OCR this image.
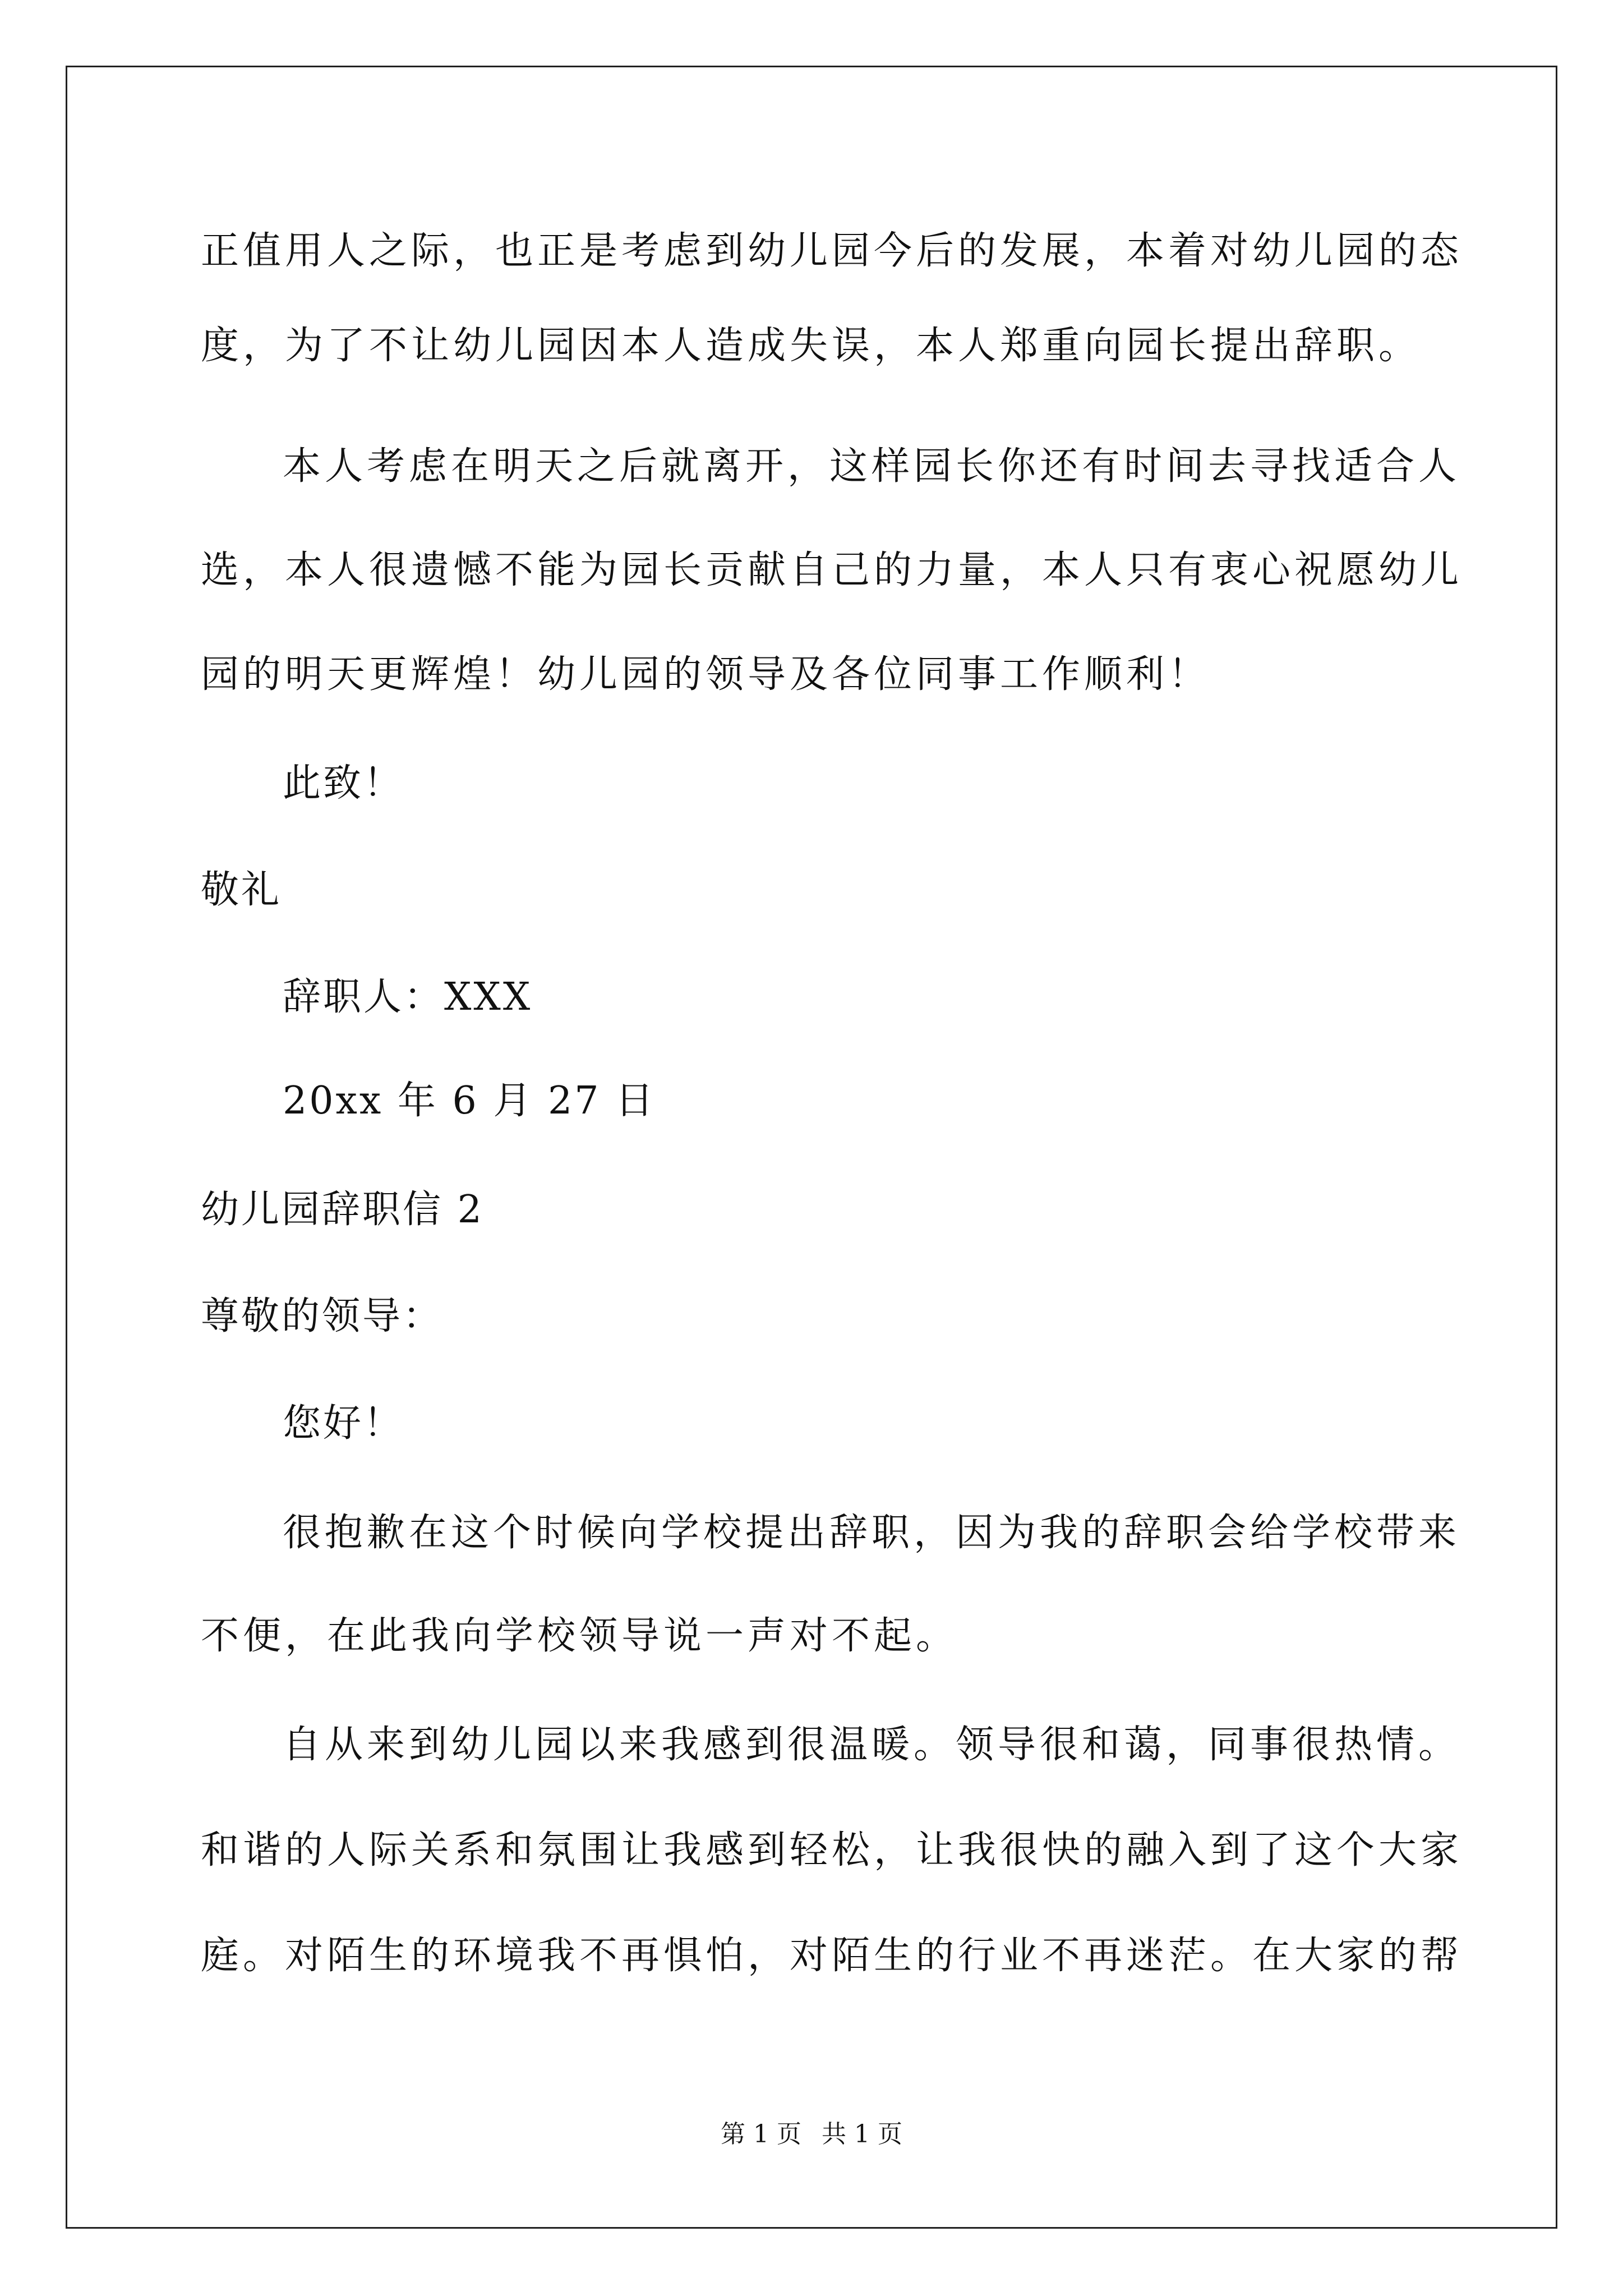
正值用人之际，也正是考虑到幼儿园今后的发展，本着对幼儿园的态
度，为了不让幼儿园因本人造成失误，本人郑重向园长提出辞职。
本人考虑在明天之后就离开，这样园长你还有时间去寻找适合人
选，本人很遗憾不能为园长贡献自己的力量，本人只有衷心祝愿幼儿
园的明天更辉煌！幼儿园的领导及各位同事工作顺利！
此致！
敬礼
辞职人：XXX
20xx 年 6 月 27 日
幼儿园辞职信 2
尊敬的领导：
您好！
很抱歉在这个时候向学校提出辞职，因为我的辞职会给学校带来
不便，在此我向学校领导说一声对不起。
自从来到幼儿园以来我感到很温暖。领导很和蔼，同事很热情。
和谐的人际关系和氛围让我感到轻松，让我很快的融入到了这个大家
庭。对陌生的环境我不再惧怕，对陌生的行业不再迷茫。在大家的帮
第 1 页 共 1 页
